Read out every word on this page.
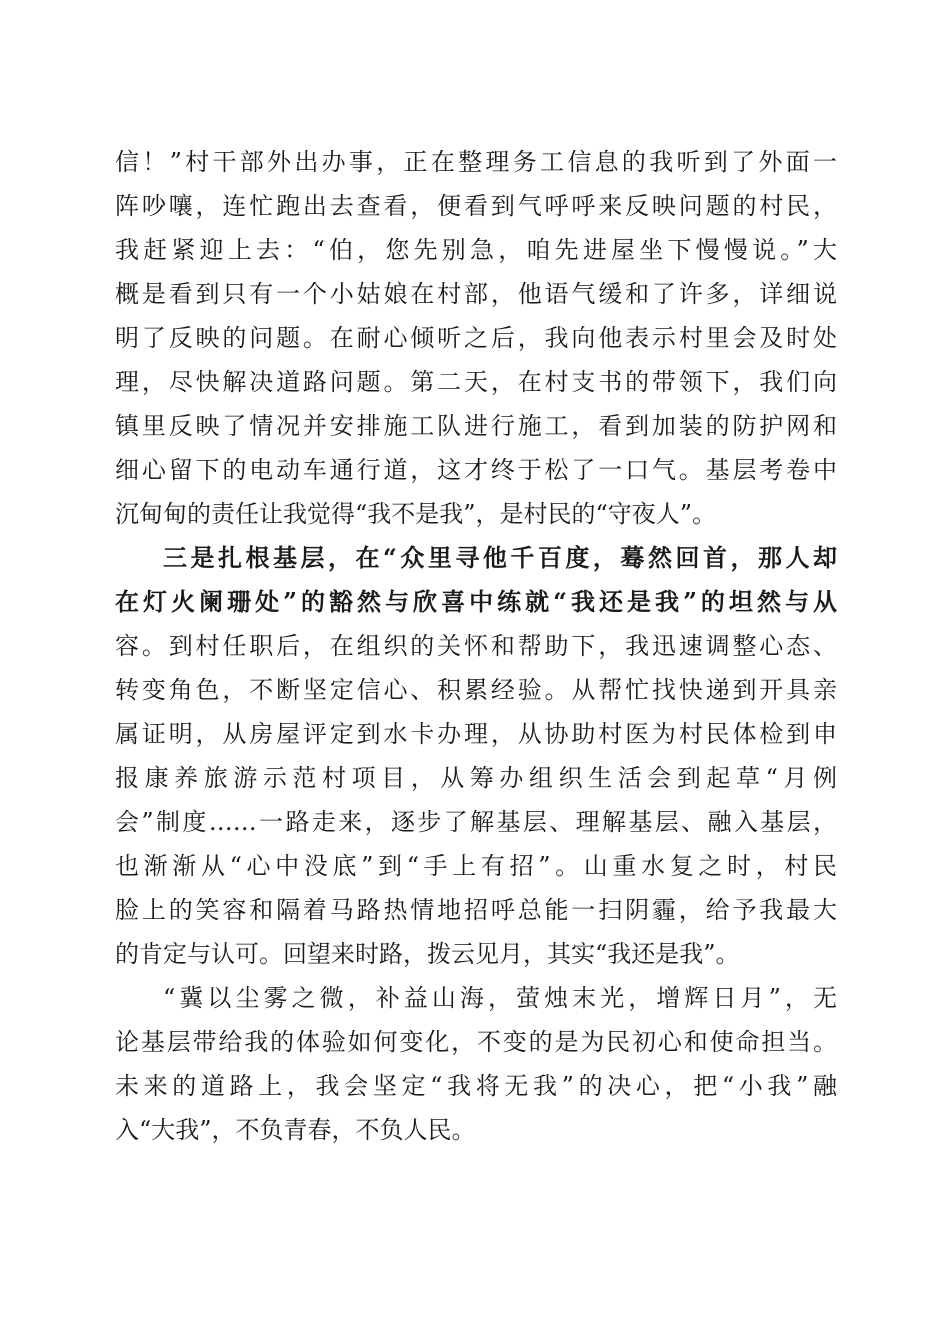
信！”村干部外出办事，正在整理务工信息的我听到了外面一
阵吵嚷，连忙跑出去查看，便看到气呼呼来反映问题的村民，
我赶紧迎上去：“伯，您先别急，咱先进屋坐下慢慢说。”大
概是看到只有一个小姑娘在村部，他语气缓和了许多，详细说
明了反映的问题。在耐心倾听之后，我向他表示村里会及时处
理，尽快解决道路问题。第二天，在村支书的带领下，我们向
镇里反映了情况并安排施工队进行施工，看到加装的防护网和
细心留下的电动车通行道，这才终于松了一口气。基层考卷中
沉甸甸的责任让我觉得“我不是我”，是村民的“守夜人”。
三是扎根基层，在“众里寻他千百度，蓦然回首，那人却
在灯火阑珊处”的豁然与欣喜中练就“我还是我”的坦然与从
容。到村任职后，在组织的关怀和帮助下，我迅速调整心态、
转变角色，不断坚定信心、积累经验。从帮忙找快递到开具亲
属证明，从房屋评定到水卡办理，从协助村医为村民体检到申
报康养旅游示范村项目，从筹办组织生活会到起草“月例
会”制度……一路走来，逐步了解基层、理解基层、融入基层，
也渐渐从“心中没底”到“手上有招”。山重水复之时，村民
脸上的笑容和隔着马路热情地招呼总能一扫阴霾，给予我最大
的肯定与认可。回望来时路，拨云见月，其实“我还是我”。
“冀以尘雾之微，补益山海，萤烛末光，增辉日月”，无
论基层带给我的体验如何变化，不变的是为民初心和使命担当。
未来的道路上，我会坚定“我将无我”的决心，把“小我”融
入“大我”，不负青春，不负人民。
